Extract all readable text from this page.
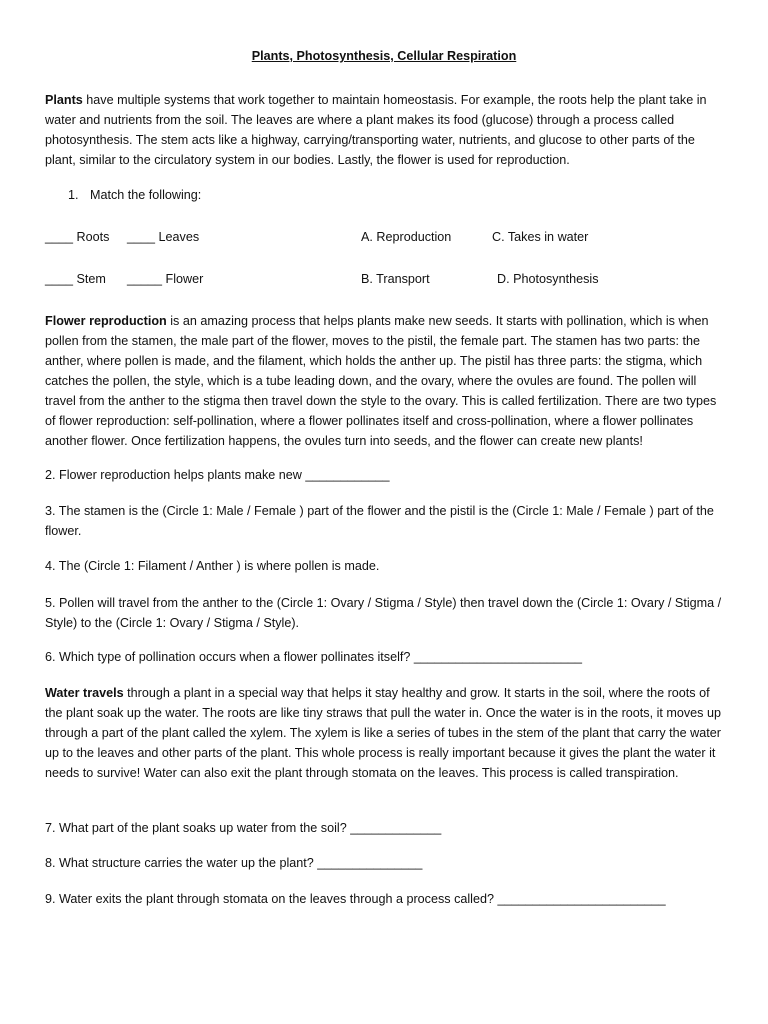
Plants, Photosynthesis, Cellular Respiration

Plants have multiple systems that work together to maintain homeostasis. For example, the roots help the plant take in water and nutrients from the soil. The leaves are where a plant makes its food (glucose) through a process called photosynthesis. The stem acts like a highway, carrying/transporting water, nutrients, and glucose to other parts of the plant, similar to the circulatory system in our bodies. Lastly, the flower is used for reproduction.

1. Match the following:
____ Roots ____ Leaves	A. Reproduction	C. Takes in water
____ Stem _____ Flower	B. Transport	D. Photosynthesis

Flower reproduction is an amazing process that helps plants make new seeds. It starts with pollination, which is when pollen from the stamen, the male part of the flower, moves to the pistil, the female part. The stamen has two parts: the anther, where pollen is made, and the filament, which holds the anther up. The pistil has three parts: the stigma, which catches the pollen, the style, which is a tube leading down, and the ovary, where the ovules are found. The pollen will travel from the anther to the stigma then travel down the style to the ovary. This is called fertilization. There are two types of flower reproduction: self-pollination, where a flower pollinates itself and cross-pollination, where a flower pollinates another flower. Once fertilization happens, the ovules turn into seeds, and the flower can create new plants!

2. Flower reproduction helps plants make new ____________
3. The stamen is the (Circle 1: Male / Female ) part of the flower and the pistil is the (Circle 1: Male / Female ) part of the flower.
4. The (Circle 1: Filament / Anther ) is where pollen is made.
5. Pollen will travel from the anther to the (Circle 1: Ovary / Stigma / Style) then travel down the (Circle 1: Ovary / Stigma / Style) to the (Circle 1: Ovary / Stigma / Style).
6. Which type of pollination occurs when a flower pollinates itself? ________________________

Water travels through a plant in a special way that helps it stay healthy and grow. It starts in the soil, where the roots of the plant soak up the water. The roots are like tiny straws that pull the water in. Once the water is in the roots, it moves up through a part of the plant called the xylem. The xylem is like a series of tubes in the stem of the plant that carry the water up to the leaves and other parts of the plant. This whole process is really important because it gives the plant the water it needs to survive! Water can also exit the plant through stomata on the leaves. This process is called transpiration.

7. What part of the plant soaks up water from the soil? _____________
8. What structure carries the water up the plant? _______________
9. Water exits the plant through stomata on the leaves through a process called? ________________________
